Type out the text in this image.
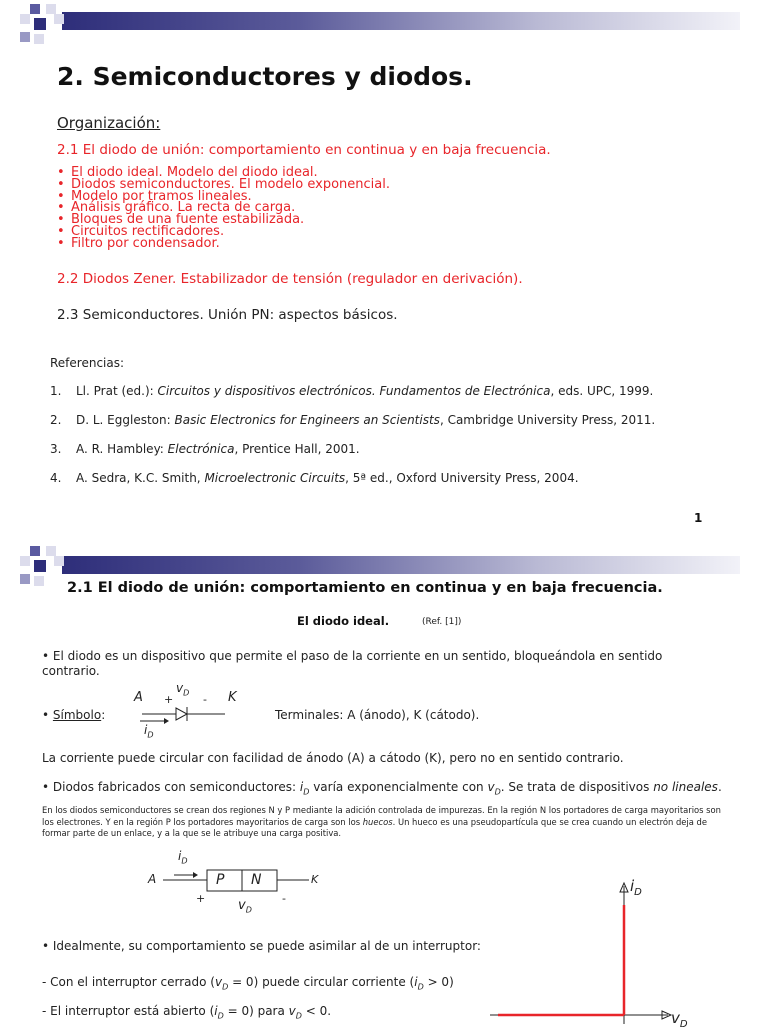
2. Semiconductores y diodos.
Organización:
2.1 El diodo de unión: comportamiento en continua y en baja frecuencia.
• El diodo ideal. Modelo del diodo ideal.
• Diodos semiconductores. El modelo exponencial.
• Modelo por tramos lineales.
• Análisis gráfico. La recta de carga.
• Bloques de una fuente estabilizada.
• Circuitos rectificadores.
• Filtro por condensador.
2.2 Diodos Zener. Estabilizador de tensión (regulador en derivación).
2.3 Semiconductores. Unión PN: aspectos básicos.
Referencias:
1. Ll. Prat (ed.): Circuitos y dispositivos electrónicos. Fundamentos de Electrónica, eds. UPC, 1999.
2. D. L. Eggleston: Basic Electronics for Engineers an Scientists, Cambridge University Press, 2011.
3. A. R. Hambley: Electrónica, Prentice Hall, 2001.
4. A. Sedra, K.C. Smith, Microelectronic Circuits, 5ª ed., Oxford University Press, 2004.
1
2.1 El diodo de unión: comportamiento en continua y en baja frecuencia.
El diodo ideal.	(Ref. [1])
• El diodo es un dispositivo que permite el paso de la corriente en un sentido, bloqueándola en sentido contrario.
• Símbolo:
A +
$v_D$
- K
$i_D$
Terminales: A (ánodo), K (cátodo).
La corriente puede circular con facilidad de ánodo (A) a cátodo (K), pero no en sentido contrario.
• Diodos fabricados con semiconductores: $i_D$ varía exponencialmente con $v_D$. Se trata de dispositivos no lineales.
En los diodos semiconductores se crean dos regiones N y P mediante la adición controlada de impurezas. En la región N los portadores de carga mayoritarios son los electrones. Y en la región P los portadores mayoritarios de carga son los huecos. Un hueco es una pseudopartícula que se crea cuando un electrón deja de formar parte de un enlace, y a la que se le atribuye una carga positiva.
A
$i_D$
P N	K
+	$v_D$
-
• Idealmente, su comportamiento se puede asimilar al de un interruptor:
- Con el interruptor cerrado $(v_D = 0)$ puede circular corriente $(i_D > 0)$
- El interruptor está abierto $(i_D = 0)$ para $v_D < 0$.
$i_D$
$v_D$
